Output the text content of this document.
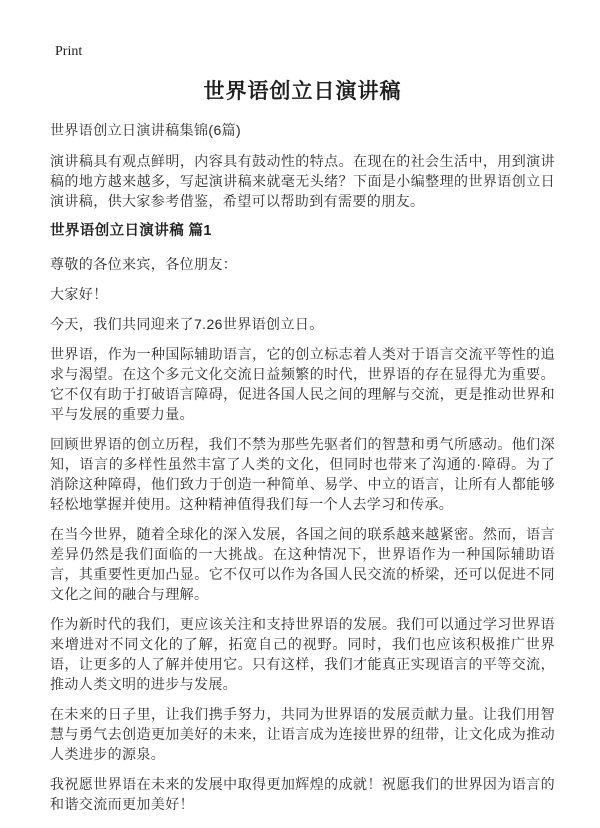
Print
世界语创立日演讲稿

世界语创立日演讲稿集锦(6篇)

演讲稿具有观点鲜明，内容具有鼓动性的特点。在现在的社会生活中，用到演讲稿的地方越来越多，写起演讲稿来就毫无头绪？下面是小编整理的世界语创立日演讲稿，供大家参考借鉴，希望可以帮助到有需要的朋友。

世界语创立日演讲稿 篇1

尊敬的各位来宾，各位朋友：

大家好！

今天，我们共同迎来了7.26世界语创立日。

世界语，作为一种国际辅助语言，它的创立标志着人类对于语言交流平等性的追求与渴望。在这个多元文化交流日益频繁的时代，世界语的存在显得尤为重要。它不仅有助于打破语言障碍，促进各国人民之间的理解与交流，更是推动世界和平与发展的重要力量。

回顾世界语的创立历程，我们不禁为那些先驱者们的智慧和勇气所感动。他们深知，语言的多样性虽然丰富了人类的文化，但同时也带来了沟通的·障碍。为了消除这种障碍，他们致力于创造一种简单、易学、中立的语言，让所有人都能够轻松地掌握并使用。这种精神值得我们每一个人去学习和传承。

在当今世界，随着全球化的深入发展，各国之间的联系越来越紧密。然而，语言差异仍然是我们面临的一大挑战。在这种情况下，世界语作为一种国际辅助语言，其重要性更加凸显。它不仅可以作为各国人民交流的桥梁，还可以促进不同文化之间的融合与理解。

作为新时代的我们，更应该关注和支持世界语的发展。我们可以通过学习世界语来增进对不同文化的了解，拓宽自己的视野。同时，我们也应该积极推广世界语，让更多的人了解并使用它。只有这样，我们才能真正实现语言的平等交流，推动人类文明的进步与发展。

在未来的日子里，让我们携手努力，共同为世界语的发展贡献力量。让我们用智慧与勇气去创造更加美好的未来，让语言成为连接世界的纽带，让文化成为推动人类进步的源泉。

我祝愿世界语在未来的发展中取得更加辉煌的成就！祝愿我们的世界因为语言的和谐交流而更加美好！
